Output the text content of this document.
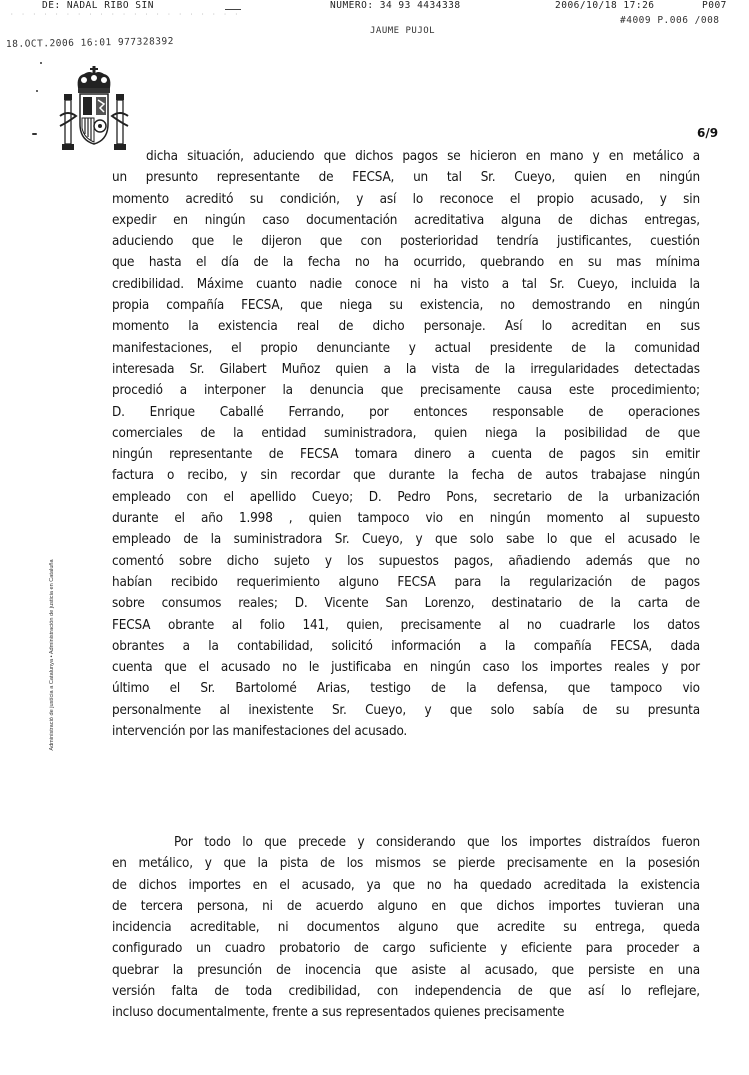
DE: NADAL RIBO SIN	NUMERO: 34 93 4434338	2006/10/18 17:26	P007
· · · · · · · · · · · · · · · · · · · · ·
#4009 P.006 /008
JAUME PUJOL
18.OCT.2006 16:01 977328392
6/9
Administració de justícia a Catalunya • Administración de justicia en Cataluña
dicha situación, aduciendo que dichos pagos se hicieron en mano y en metálico a
un presunto representante de FECSA, un tal Sr. Cueyo, quien en ningún
momento acreditó su condición, y así lo reconoce el propio acusado, y sin
expedir en ningún caso documentación acreditativa alguna de dichas entregas,
aduciendo que le dijeron que con posterioridad tendría justificantes, cuestión
que hasta el día de la fecha no ha ocurrido, quebrando en su mas mínima
credibilidad. Máxime cuanto nadie conoce ni ha visto a tal Sr. Cueyo, incluida la
propia compañía FECSA, que niega su existencia, no demostrando en ningún
momento la existencia real de dicho personaje. Así lo acreditan en sus
manifestaciones, el propio denunciante y actual presidente de la comunidad
interesada Sr. Gilabert Muñoz quien a la vista de la irregularidades detectadas
procedió a interponer la denuncia que precisamente causa este procedimiento;
D. Enrique Caballé Ferrando, por entonces responsable de operaciones
comerciales de la entidad suministradora, quien niega la posibilidad de que
ningún representante de FECSA tomara dinero a cuenta de pagos sin emitir
factura o recibo, y sin recordar que durante la fecha de autos trabajase ningún
empleado con el apellido Cueyo; D. Pedro Pons, secretario de la urbanización
durante el año 1.998 , quien tampoco vio en ningún momento al supuesto
empleado de la suministradora Sr. Cueyo, y que solo sabe lo que el acusado le
comentó sobre dicho sujeto y los supuestos pagos, añadiendo además que no
habían recibido requerimiento alguno FECSA para la regularización de pagos
sobre consumos reales; D. Vicente San Lorenzo, destinatario de la carta de
FECSA obrante al folio 141, quien, precisamente al no cuadrarle los datos
obrantes a la contabilidad, solicitó información a la compañía FECSA, dada
cuenta que el acusado no le justificaba en ningún caso los importes reales y por
último el Sr. Bartolomé Arias, testigo de la defensa, que tampoco vio
personalmente al inexistente Sr. Cueyo, y que solo sabía de su presunta
intervención por las manifestaciones del acusado.
Por todo lo que precede y considerando que los importes distraídos fueron
en metálico, y que la pista de los mismos se pierde precisamente en la posesión
de dichos importes en el acusado, ya que no ha quedado acreditada la existencia
de tercera persona, ni de acuerdo alguno en que dichos importes tuvieran una
incidencia acreditable, ni documentos alguno que acredite su entrega, queda
configurado un cuadro probatorio de cargo suficiente y eficiente para proceder a
quebrar la presunción de inocencia que asiste al acusado, que persiste en una
versión falta de toda credibilidad, con independencia de que así lo reflejare,
incluso documentalmente, frente a sus representados quienes precisamente
